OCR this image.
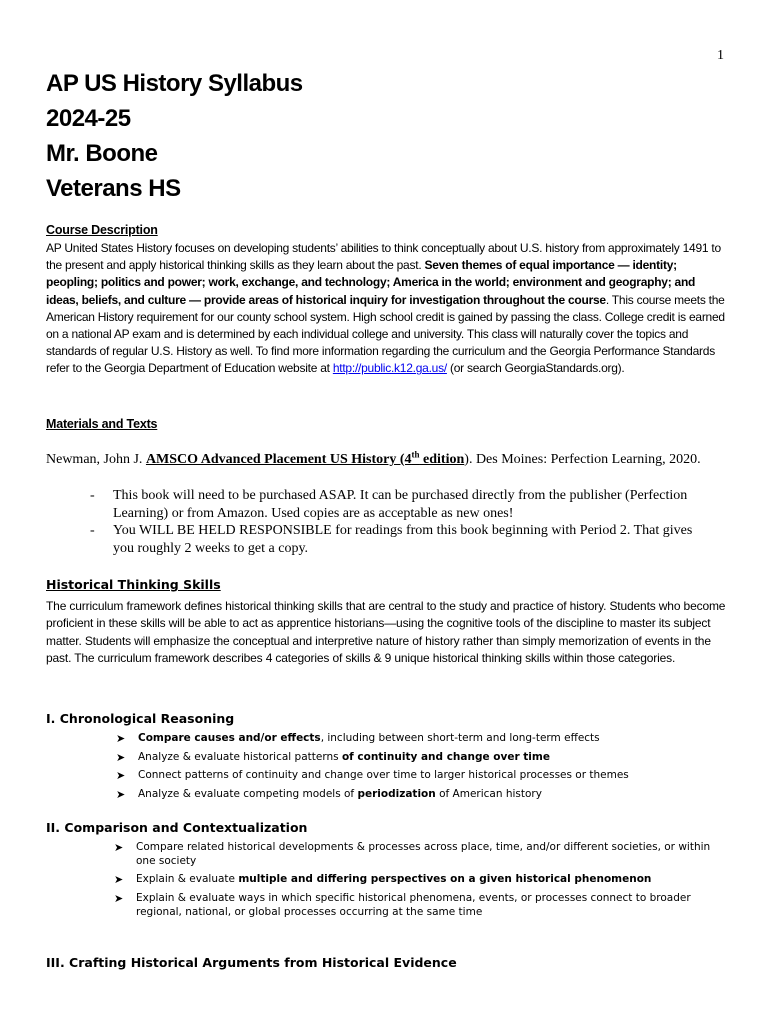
1
AP US History Syllabus
2024-25
Mr. Boone
Veterans HS
Course Description
AP United States History focuses on developing students’ abilities to think conceptually about U.S. history from approximately 1491 to the present and apply historical thinking skills as they learn about the past. Seven themes of equal importance — identity; peopling; politics and power; work, exchange, and technology; America in the world; environment and geography; and ideas, beliefs, and culture — provide areas of historical inquiry for investigation throughout the course. This course meets the American History requirement for our county school system. High school credit is gained by passing the class. College credit is earned on a national AP exam and is determined by each individual college and university. This class will naturally cover the topics and standards of regular U.S. History as well. To find more information regarding the curriculum and the Georgia Performance Standards refer to the Georgia Department of Education website at http://public.k12.ga.us/ (or search GeorgiaStandards.org).
Materials and Texts
Newman, John J. AMSCO Advanced Placement US History (4th edition). Des Moines: Perfection Learning, 2020.
- This book will need to be purchased ASAP. It can be purchased directly from the publisher (Perfection Learning) or from Amazon. Used copies are as acceptable as new ones!
- You WILL BE HELD RESPONSIBLE for readings from this book beginning with Period 2. That gives you roughly 2 weeks to get a copy.
Historical Thinking Skills
The curriculum framework defines historical thinking skills that are central to the study and practice of history. Students who become proficient in these skills will be able to act as apprentice historians—using the cognitive tools of the discipline to master its subject matter. Students will emphasize the conceptual and interpretive nature of history rather than simply memorization of events in the past. The curriculum framework describes 4 categories of skills & 9 unique historical thinking skills within those categories.
I. Chronological Reasoning
➤ Compare causes and/or effects, including between short-term and long-term effects
➤ Analyze & evaluate historical patterns of continuity and change over time
➤ Connect patterns of continuity and change over time to larger historical processes or themes
➤ Analyze & evaluate competing models of periodization of American history
II. Comparison and Contextualization
➤ Compare related historical developments & processes across place, time, and/or different societies, or within one society
➤ Explain & evaluate multiple and differing perspectives on a given historical phenomenon
➤ Explain & evaluate ways in which specific historical phenomena, events, or processes connect to broader regional, national, or global processes occurring at the same time
III. Crafting Historical Arguments from Historical Evidence
